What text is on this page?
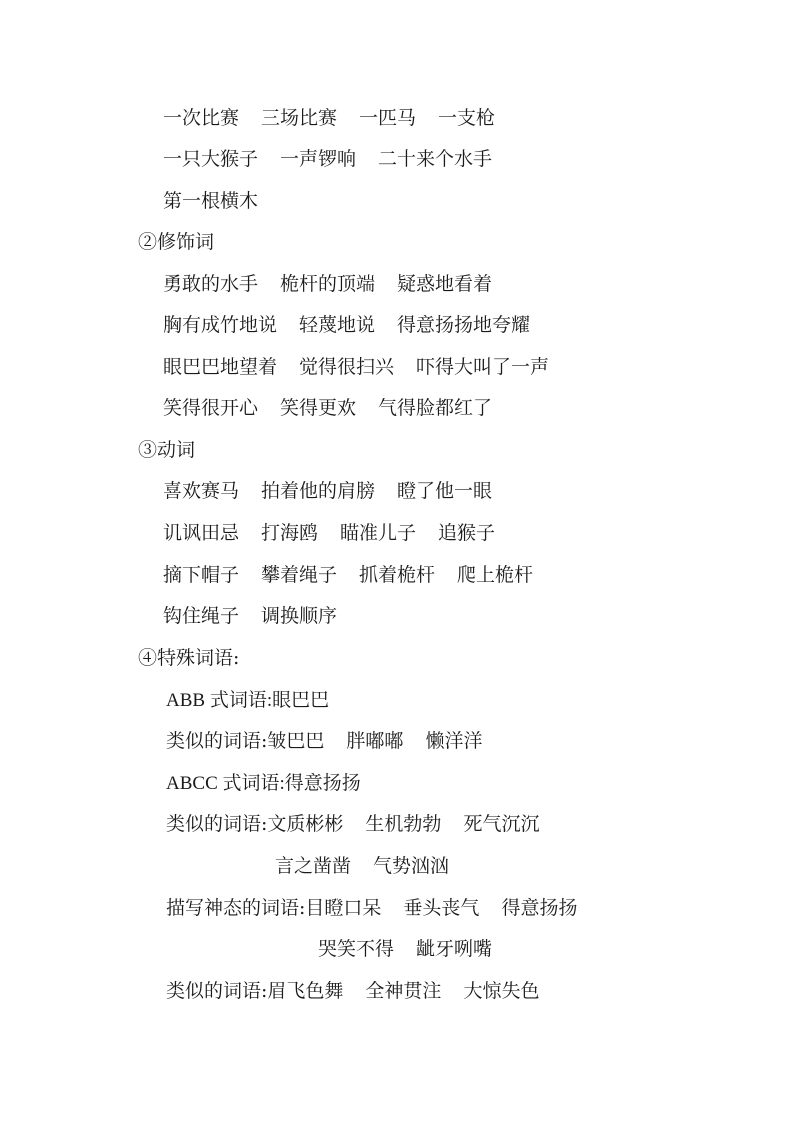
一次比赛 三场比赛 一匹马 一支枪
一只大猴子 一声锣响 二十来个水手
第一根横木
②修饰词
勇敢的水手 桅杆的顶端 疑惑地看着
胸有成竹地说 轻蔑地说 得意扬扬地夸耀
眼巴巴地望着 觉得很扫兴 吓得大叫了一声
笑得很开心 笑得更欢 气得脸都红了
③动词
喜欢赛马 拍着他的肩膀 瞪了他一眼
讥讽田忌 打海鸥 瞄准儿子 追猴子
摘下帽子 攀着绳子 抓着桅杆 爬上桅杆
钩住绳子 调换顺序
④特殊词语:
ABB 式词语:眼巴巴
类似的词语:皱巴巴 胖嘟嘟 懒洋洋
ABCC 式词语:得意扬扬
类似的词语:文质彬彬 生机勃勃 死气沉沉
言之凿凿 气势汹汹
描写神态的词语:目瞪口呆 垂头丧气 得意扬扬
哭笑不得 龇牙咧嘴
类似的词语:眉飞色舞 全神贯注 大惊失色
